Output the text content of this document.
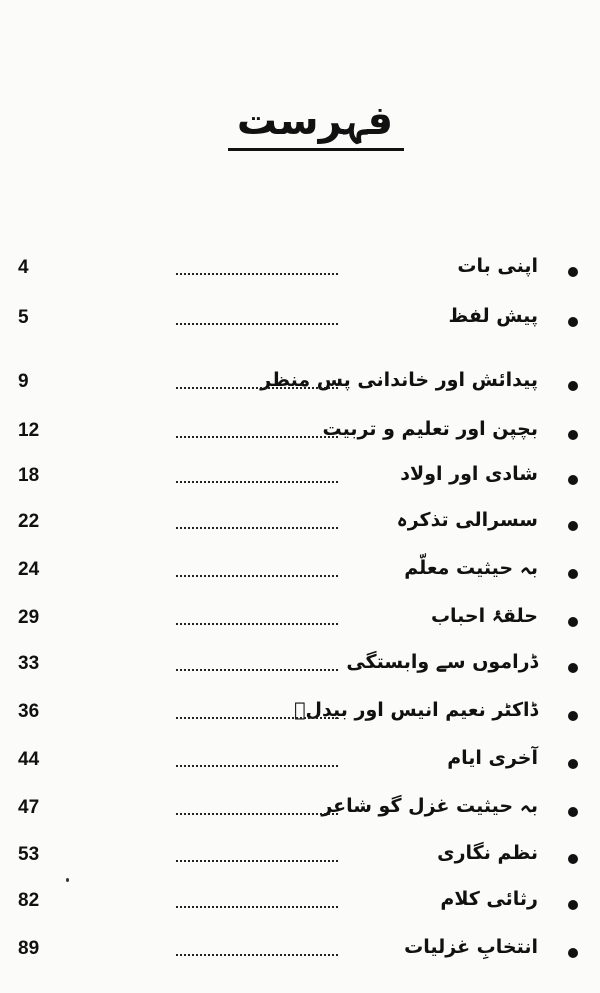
فہرست
اپنی بات
4
پیش لفظ
5
پیدائش اور خاندانی پس منظر
9
بچپن اور تعلیم و تربیت
12
شادی اور اولاد
18
سسرالی تذکرہ
22
بہ حیثیت معلّم
24
حلقۂ احباب
29
ڈراموں سے وابستگی
33
ڈاکٹر نعیم انیس اور بیدلؔ
36
آخری ایام
44
بہ حیثیت غزل گو شاعر
47
نظم نگاری
53
رثائی کلام
82
انتخابِ غزلیات
89
